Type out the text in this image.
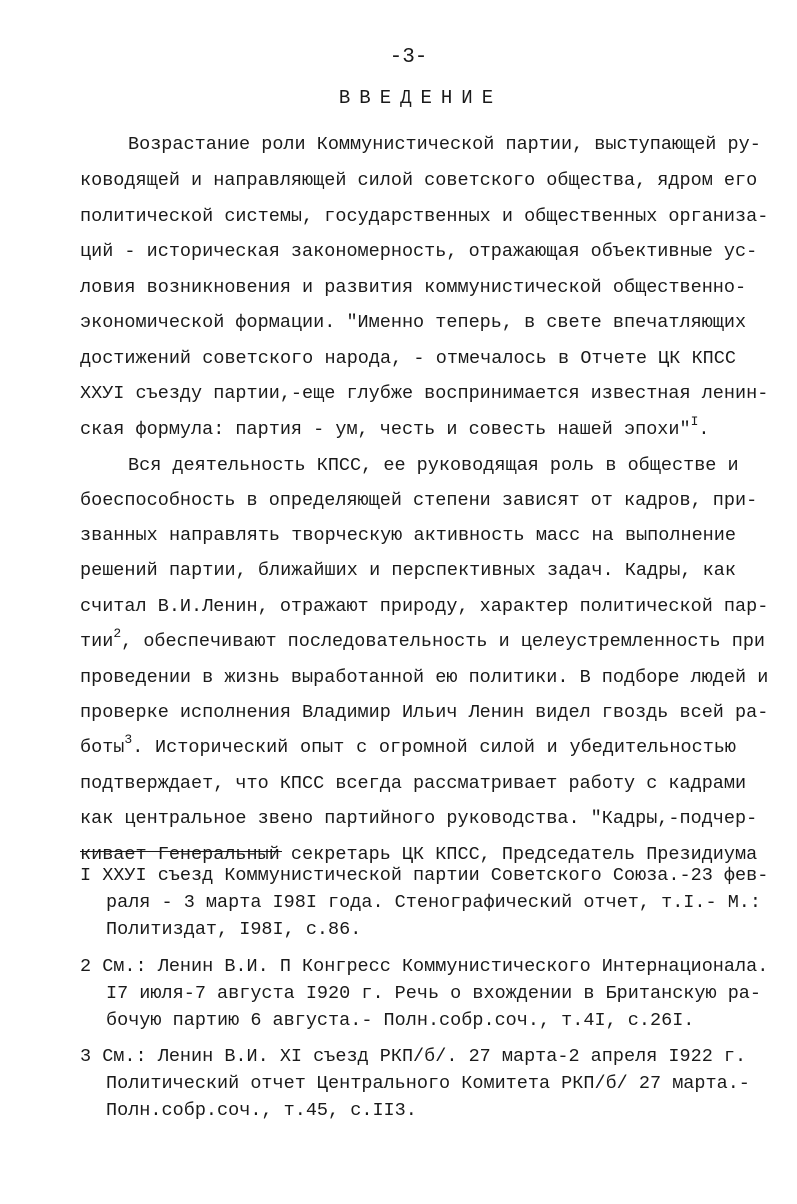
-3-
ВВЕДЕНИЕ
Возрастание роли Коммунистической партии, выступающей ру-
ководящей и направляющей силой советского общества, ядром его
политической системы, государственных и общественных организа-
ций - историческая закономерность, отражающая объективные ус-
ловия возникновения и развития коммунистической общественно-
экономической формации. "Именно теперь, в свете впечатляющих
достижений советского народа, - отмечалось в Отчете ЦК КПСС
ХХУI съезду партии,-еще глубже воспринимается известная ленин-
ская формула: партия - ум, честь и совесть нашей эпохи"$^I$.
Вся деятельность КПСС, ее руководящая роль в обществе и
боеспособность в определяющей степени зависят от кадров, при-
званных направлять творческую активность масс на выполнение
решений партии, ближайших и перспективных задач. Кадры, как
считал В.И.Ленин, отражают природу, характер политической пар-
тии$^2$, обеспечивают последовательность и целеустремленность при
проведении в жизнь выработанной ею политики. В подборе людей и
проверке исполнения Владимир Ильич Ленин видел гвоздь всей ра-
боты$^3$. Исторический опыт с огромной силой и убедительностью
подтверждает, что КПСС всегда рассматривает работу с кадрами
как центральное звено партийного руководства. "Кадры,-подчер-
кивает Генеральный секретарь ЦК КПСС, Председатель Президиума
I ХХУI съезд Коммунистической партии Советского Союза.-23 фев-
раля - 3 марта I98I года. Стенографический отчет, т.I.- М.:
Политиздат, I98I, с.86.
2 См.: Ленин В.И. П Конгресс Коммунистического Интернационала.
I7 июля-7 августа I920 г. Речь о вхождении в Британскую ра-
бочую партию 6 августа.- Полн.собр.соч., т.4I, с.26I.
3 См.: Ленин В.И. XI съезд РКП/б/. 27 марта-2 апреля I922 г.
Политический отчет Центрального Комитета РКП/б/ 27 марта.-
Полн.собр.соч., т.45, с.II3.
